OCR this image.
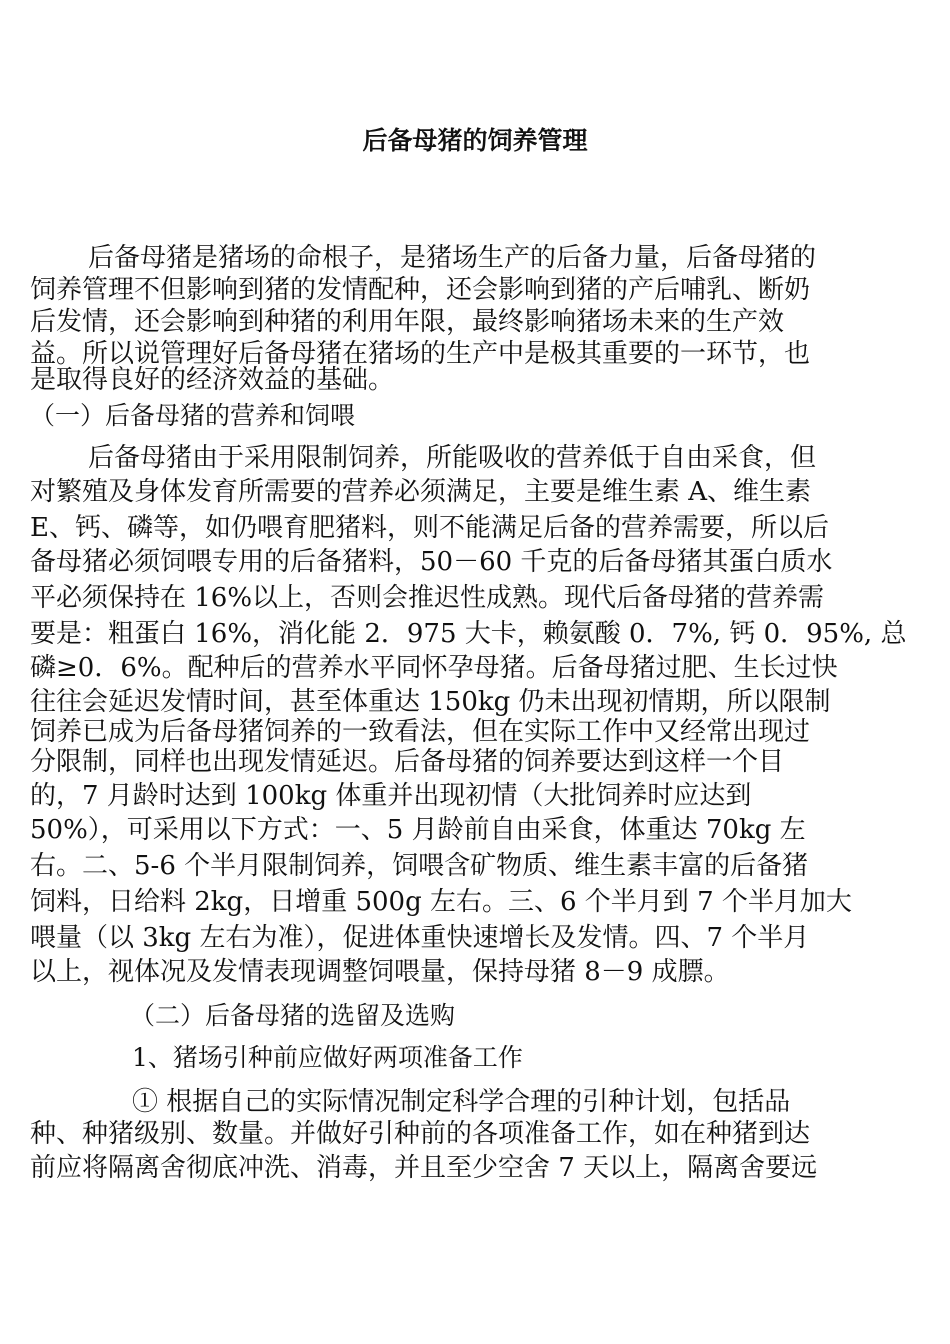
后备母猪的饲养管理
后备母猪是猪场的命根子，是猪场生产的后备力量，后备母猪的
饲养管理不但影响到猪的发情配种，还会影响到猪的产后哺乳、断奶
后发情，还会影响到种猪的利用年限，最终影响猪场未来的生产效
益。所以说管理好后备母猪在猪场的生产中是极其重要的一环节，也
是取得良好的经济效益的基础。
（一）后备母猪的营养和饲喂
后备母猪由于采用限制饲养，所能吸收的营养低于自由采食，但
对繁殖及身体发育所需要的营养必须满足，主要是维生素 A、维生素
E、钙、磷等，如仍喂育肥猪料，则不能满足后备的营养需要，所以后
备母猪必须饲喂专用的后备猪料，50－60 千克的后备母猪其蛋白质水
平必须保持在 16%以上，否则会推迟性成熟。现代后备母猪的营养需
要是：粗蛋白 16%，消化能 2．975 大卡，赖氨酸 0．7%, 钙 0．95%, 总
磷≥0．6%。配种后的营养水平同怀孕母猪。后备母猪过肥、生长过快
往往会延迟发情时间，甚至体重达 150kg 仍未出现初情期，所以限制
饲养已成为后备母猪饲养的一致看法，但在实际工作中又经常出现过
分限制，同样也出现发情延迟。后备母猪的饲养要达到这样一个目
的，7 月龄时达到 100kg 体重并出现初情（大批饲养时应达到
50%），可采用以下方式：一、5 月龄前自由采食，体重达 70kg 左
右。二、5-6 个半月限制饲养，饲喂含矿物质、维生素丰富的后备猪
饲料，日给料 2kg，日增重 500g 左右。三、6 个半月到 7 个半月加大
喂量（以 3kg 左右为准），促进体重快速增长及发情。四、7 个半月
以上，视体况及发情表现调整饲喂量，保持母猪 8－9 成膘。
（二）后备母猪的选留及选购
1、猪场引种前应做好两项准备工作
① 根据自己的实际情况制定科学合理的引种计划，包括品
种、种猪级别、数量。并做好引种前的各项准备工作，如在种猪到达
前应将隔离舍彻底冲洗、消毒，并且至少空舍 7 天以上，隔离舍要远
